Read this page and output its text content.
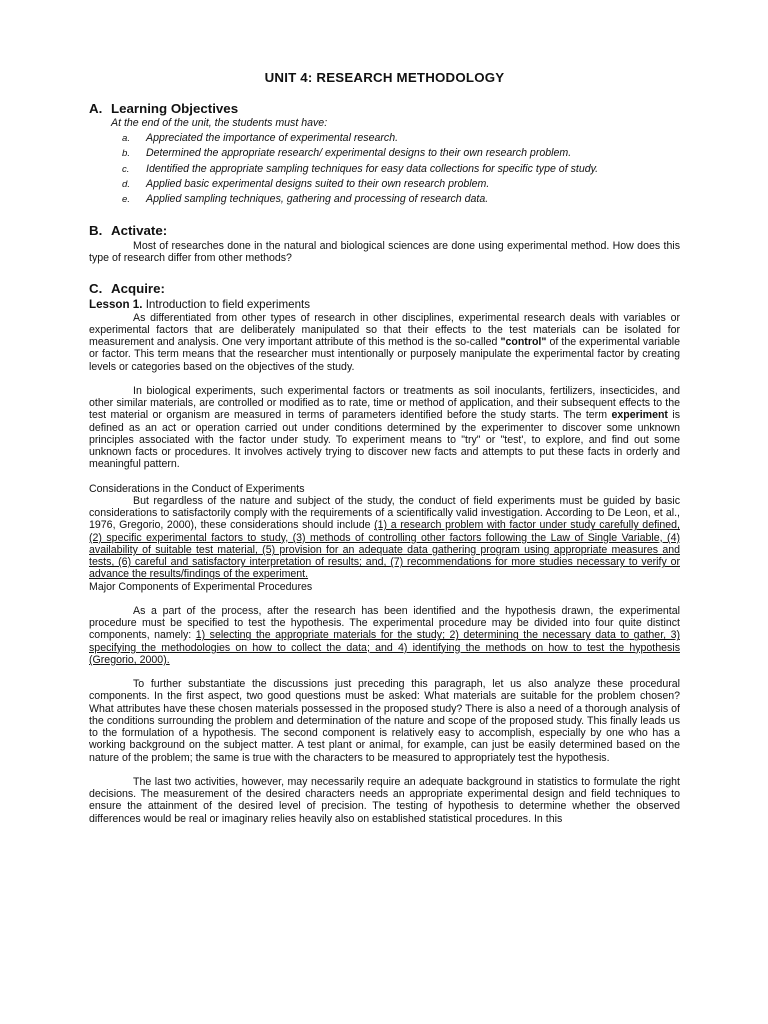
UNIT 4: RESEARCH METHODOLOGY
A. Learning Objectives
At the end of the unit, the students must have:
a.	Appreciated the importance of experimental research.
b.	Determined the appropriate research/ experimental designs to their own research problem.
c.	Identified the appropriate sampling techniques for easy data collections for specific type of study.
d.	Applied basic experimental designs suited to their own research problem.
e.	Applied sampling techniques, gathering and processing of research data.
B. Activate:

Most of researches done in the natural and biological sciences are done using experimental method. How does this type of research differ from other methods?

C. Acquire:
Lesson 1. Introduction to field experiments

As differentiated from other types of research in other disciplines, experimental research deals with variables or experimental factors that are deliberately manipulated so that their effects to the test materials can be isolated for measurement and analysis. One very important attribute of this method is the so-called "control" of the experimental variable or factor. This term means that the researcher must intentionally or purposely manipulate the experimental factor by creating levels or categories based on the objectives of the study.

In biological experiments, such experimental factors or treatments as soil inoculants, fertilizers, insecticides, and other similar materials, are controlled or modified as to rate, time or method of application, and their subsequent effects to the test material or organism are measured in terms of parameters identified before the study starts. The term experiment is defined as an act or operation carried out under conditions determined by the experimenter to discover some unknown principles associated with the factor under study. To experiment means to "try" or "test', to explore, and find out some unknown facts or procedures. It involves actively trying to discover new facts and attempts to put these facts in orderly and meaningful pattern.

Considerations in the Conduct of Experiments

But regardless of the nature and subject of the study, the conduct of field experiments must be guided by basic considerations to satisfactorily comply with the requirements of a scientifically valid investigation. According to De Leon, et al., 1976, Gregorio, 2000), these considerations should include (1) a research problem with factor under study carefully defined, (2) specific experimental factors to study, (3) methods of controlling other factors following the Law of Single Variable, (4) availability of suitable test material, (5) provision for an adequate data gathering program using appropriate measures and tests, (6) careful and satisfactory interpretation of results; and, (7) recommendations for more studies necessary to verify or advance the results/findings of the experiment.

Major Components of Experimental Procedures

As a part of the process, after the research has been identified and the hypothesis drawn, the experimental procedure must be specified to test the hypothesis. The experimental procedure may be divided into four quite distinct components, namely: 1) selecting the appropriate materials for the study; 2) determining the necessary data to gather, 3) specifying the methodologies on how to collect the data; and 4) identifying the methods on how to test the hypothesis (Gregorio, 2000).

To further substantiate the discussions just preceding this paragraph, let us also analyze these procedural components. In the first aspect, two good questions must be asked: What materials are suitable for the problem chosen? What attributes have these chosen materials possessed in the proposed study? There is also a need of a thorough analysis of the conditions surrounding the problem and determination of the nature and scope of the proposed study. This finally leads us to the formulation of a hypothesis. The second component is relatively easy to accomplish, especially by one who has a working background on the subject matter. A test plant or animal, for example, can just be easily determined based on the nature of the problem; the same is true with the characters to be measured to appropriately test the hypothesis.

The last two activities, however, may necessarily require an adequate background in statistics to formulate the right decisions. The measurement of the desired characters needs an appropriate experimental design and field techniques to ensure the attainment of the desired level of precision. The testing of hypothesis to determine whether the observed differences would be real or imaginary relies heavily also on established statistical procedures. In this
